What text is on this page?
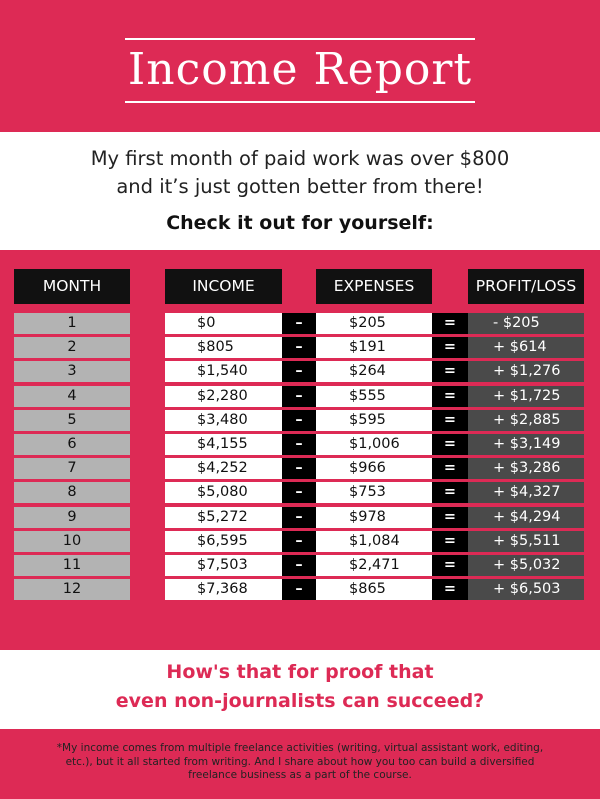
Income Report
My first month of paid work was over $800
and it’s just gotten better from there!
Check it out for yourself:
MONTH	INCOME	EXPENSES	PROFIT/LOSS
1	$0	–	$205	=	- $205
2	$805	–	$191	=	+ $614
3	$1,540	–	$264	=	+ $1,276
4	$2,280	–	$555	=	+ $1,725
5	$3,480	–	$595	=	+ $2,885
6	$4,155	–	$1,006	=	+ $3,149
7	$4,252	–	$966	=	+ $3,286
8	$5,080	–	$753	=	+ $4,327
9	$5,272	–	$978	=	+ $4,294
10	$6,595	–	$1,084	=	+ $5,511
11	$7,503	–	$2,471	=	+ $5,032
12	$7,368	–	$865	=	+ $6,503
How's that for proof that
even non-journalists can succeed?
*My income comes from multiple freelance activities (writing, virtual assistant work, editing, etc.), but it all started from writing. And I share about how you too can build a diversified freelance business as a part of the course.
